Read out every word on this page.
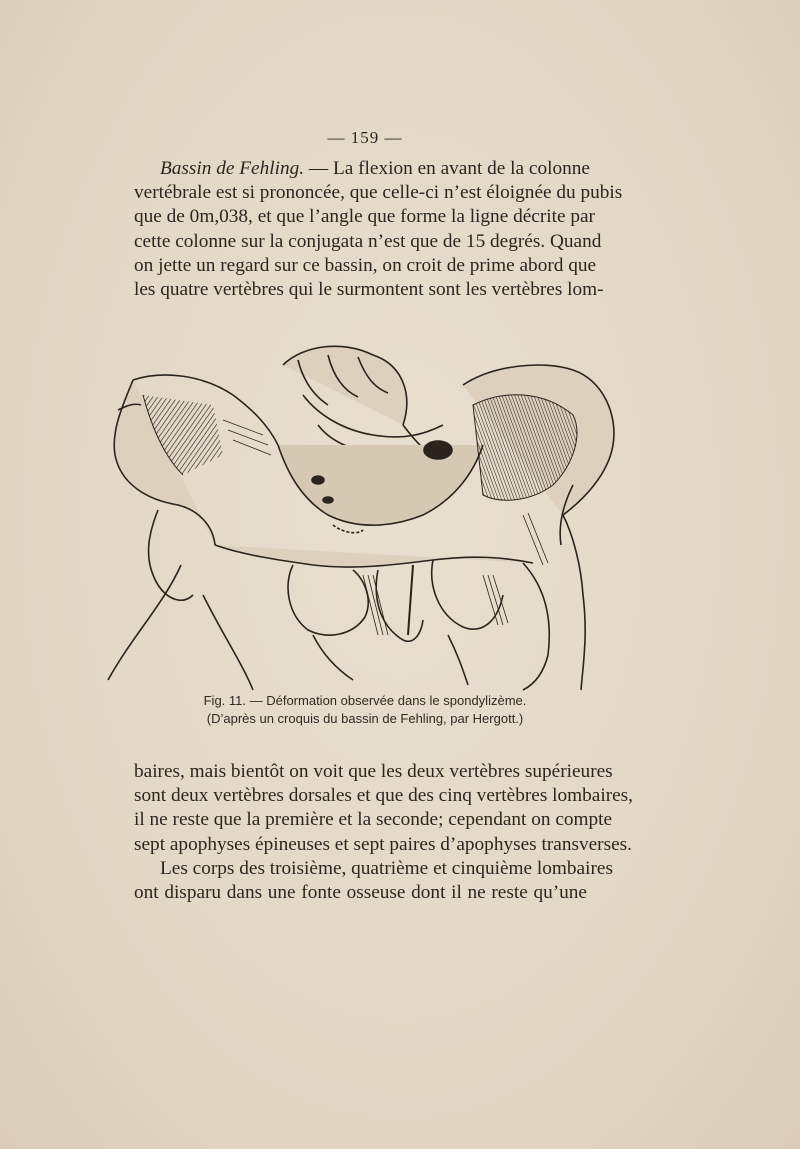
— 159 —
Bassin de Fehling. — La flexion en avant de la colonne
vertébrale est si prononcée, que celle-ci n’est éloignée du pubis
que de 0m,038, et que l’angle que forme la ligne décrite par
cette colonne sur la conjugata n’est que de 15 degrés. Quand
on jette un regard sur ce bassin, on croit de prime abord que
les quatre vertèbres qui le surmontent sont les vertèbres lom-
Fig. 11. — Déformation observée dans le spondylizème.
(D’après un croquis du bassin de Fehling, par Hergott.)
baires, mais bientôt on voit que les deux vertèbres supérieures
sont deux vertèbres dorsales et que des cinq vertèbres lombaires,
il ne reste que la première et la seconde; cependant on compte
sept apophyses épineuses et sept paires d’apophyses transverses.
Les corps des troisième, quatrième et cinquième lombaires
ont disparu dans une fonte osseuse dont il ne reste qu’une
